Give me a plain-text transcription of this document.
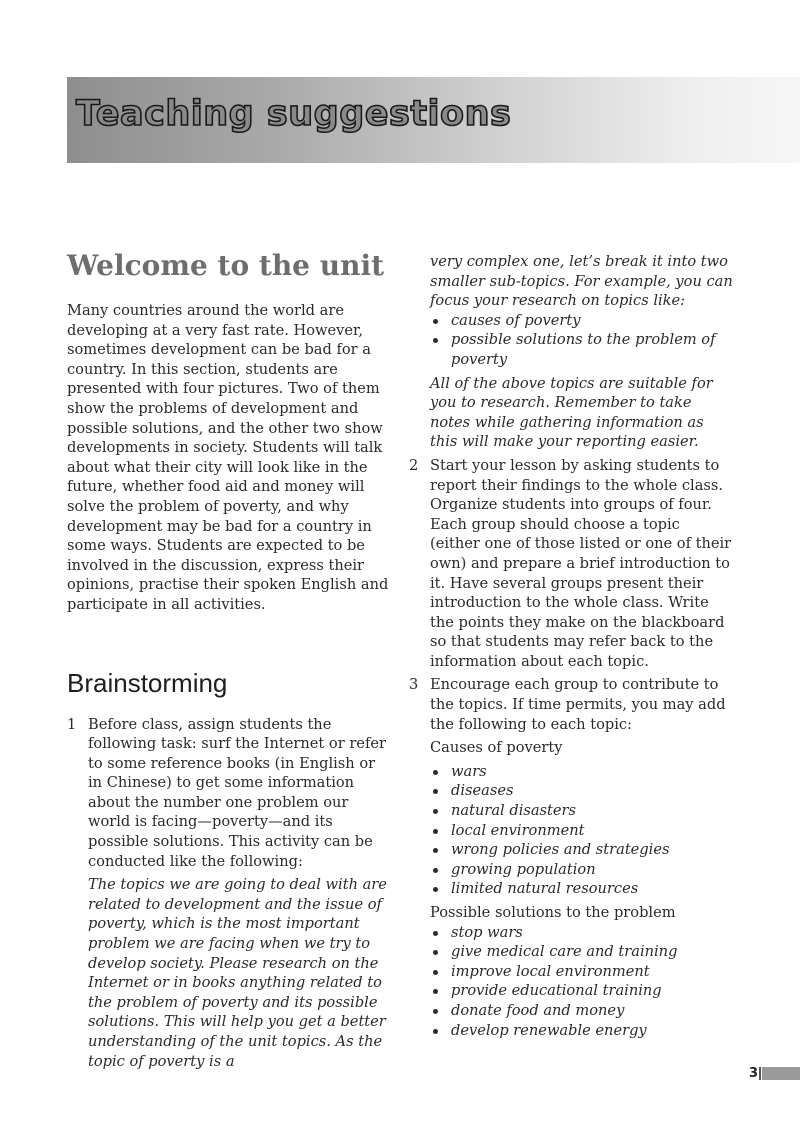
Teaching suggestions
Welcome to the unit

Many countries around the world are developing at a very fast rate. However, sometimes development can be bad for a country. In this section, students are presented with four pictures. Two of them show the problems of development and possible solutions, and the other two show developments in society. Students will talk about what their city will look like in the future, whether food aid and money will solve the problem of poverty, and why development may be bad for a country in some ways. Students are expected to be involved in the discussion, express their opinions, practise their spoken English and participate in all activities.

Brainstorming
1 Before class, assign students the following task: surf the Internet or refer to some reference books (in English or in Chinese) to get some information about the number one problem our world is facing—poverty—and its possible solutions. This activity can be conducted like the following:

The topics we are going to deal with are related to development and the issue of poverty, which is the most important problem we are facing when we try to develop society. Please research on the Internet or in books anything related to the problem of poverty and its possible solutions. This will help you get a better understanding of the unit topics. As the topic of poverty is a

very complex one, let’s break it into two smaller sub-topics. For example, you can focus your research on topics like:

causes of poverty
possible solutions to the problem of poverty

All of the above topics are suitable for you to research. Remember to take notes while gathering information as this will make your reporting easier.

2 Start your lesson by asking students to report their findings to the whole class. Organize students into groups of four. Each group should choose a topic (either one of those listed or one of their own) and prepare a brief introduction to it. Have several groups present their introduction to the whole class. Write the points they make on the blackboard so that students may refer back to the information about each topic.

3 Encourage each group to contribute to the topics. If time permits, you may add the following to each topic:

Causes of poverty

wars
diseases
natural disasters
local environment
wrong policies and strategies
growing population
limited natural resources

Possible solutions to the problem

stop wars
give medical care and training
improve local environment
provide educational training
donate food and money
develop renewable energy
3
